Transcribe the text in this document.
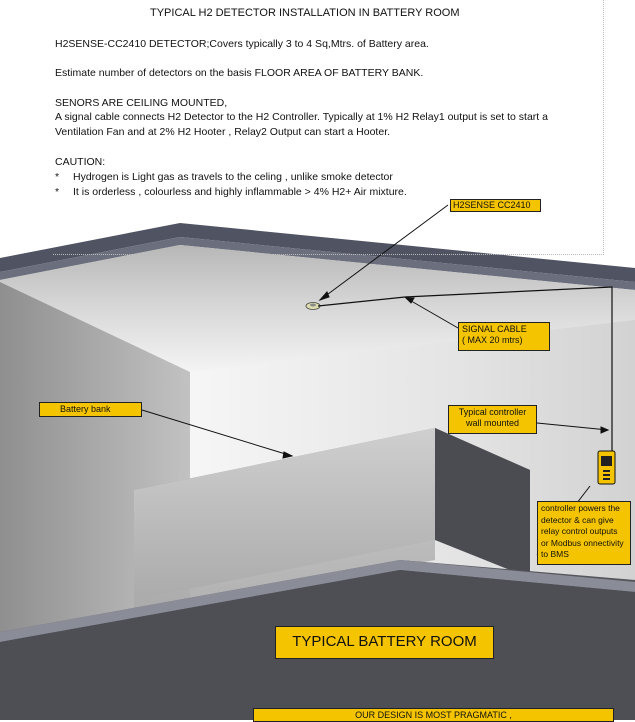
TYPICAL H2 DETECTOR INSTALLATION IN BATTERY ROOM
H2SENSE-CC2410 DETECTOR;Covers typically 3 to 4 Sq,Mtrs. of Battery area.
Estimate number of detectors on the basis FLOOR AREA OF BATTERY BANK.
SENORS ARE CEILING MOUNTED,
A signal cable connects H2 Detector to the H2 Controller. Typically at 1% H2 Relay1 output is set to start a
Ventilation Fan and at 2% H2 Hooter , Relay2 Output can start a Hooter.
CAUTION:
* Hydrogen is Light gas as travels to the celing , unlike smoke detector
* It is orderless , colourless and highly inflammable > 4% H2+ Air mixture.
H2SENSE CC2410
SIGNAL CABLE
( MAX 20 mtrs)
Battery bank	Typical controller
wall mounted
controller powers the detector & can give relay control outputs or Modbus onnectivity to BMS
TYPICAL BATTERY ROOM
OUR DESIGN IS MOST PRAGMATIC ,
